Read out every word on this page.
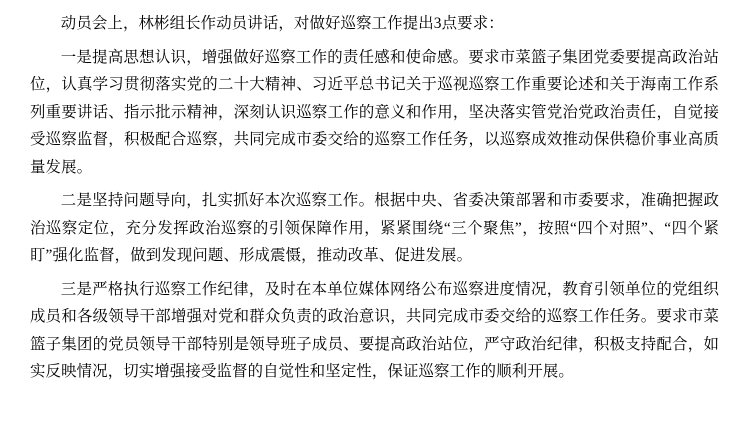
动员会上，林彬组长作动员讲话，对做好巡察工作提出3点要求：

一是提高思想认识，增强做好巡察工作的责任感和使命感。要求市菜篮子集团党委要提高政治站位，认真学习贯彻落实党的二十大精神、习近平总书记关于巡视巡察工作重要论述和关于海南工作系列重要讲话、指示批示精神，深刻认识巡察工作的意义和作用，坚决落实管党治党政治责任，自觉接受巡察监督，积极配合巡察，共同完成市委交给的巡察工作任务，以巡察成效推动保供稳价事业高质量发展。

二是坚持问题导向，扎实抓好本次巡察工作。根据中央、省委决策部署和市委要求，准确把握政治巡察定位，充分发挥政治巡察的引领保障作用，紧紧围绕“三个聚焦”，按照“四个对照”、“四个紧盯”强化监督，做到发现问题、形成震慑，推动改革、促进发展。

三是严格执行巡察工作纪律，及时在本单位媒体网络公布巡察进度情况，教育引领单位的党组织成员和各级领导干部增强对党和群众负责的政治意识，共同完成市委交给的巡察工作任务。要求市菜篮子集团的党员领导干部特别是领导班子成员、要提高政治站位，严守政治纪律，积极支持配合，如实反映情况，切实增强接受监督的自觉性和坚定性，保证巡察工作的顺利开展。
